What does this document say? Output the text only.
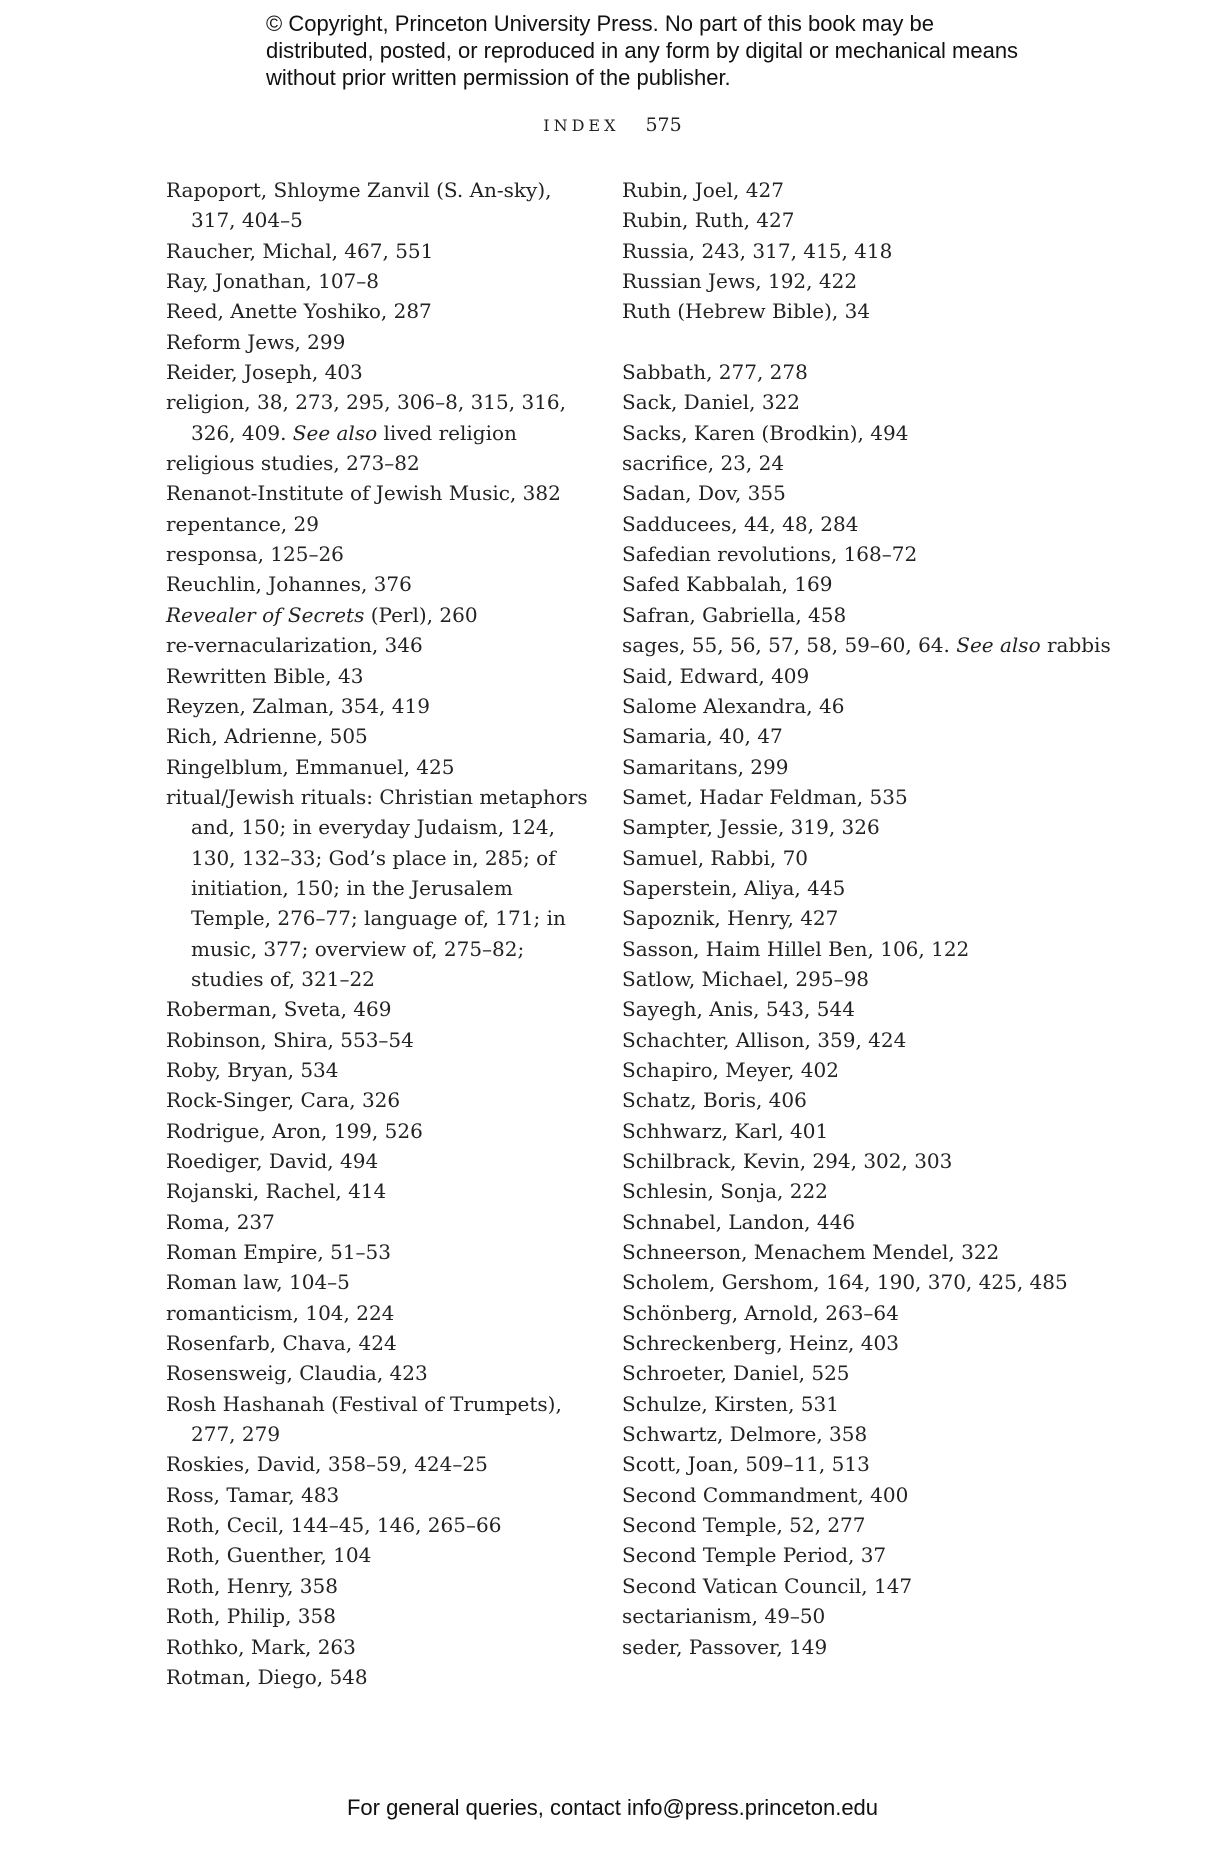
© Copyright, Princeton University Press. No part of this book may be distributed, posted, or reproduced in any form by digital or mechanical means without prior written permission of the publisher.

INDEX 575
Rapoport, Shloyme Zanvil (S. An-sky), 317, 404–5
Raucher, Michal, 467, 551
Ray, Jonathan, 107–8
Reed, Anette Yoshiko, 287
Reform Jews, 299
Reider, Joseph, 403
religion, 38, 273, 295, 306–8, 315, 316, 326, 409. See also lived religion
religious studies, 273–82
Renanot-Institute of Jewish Music, 382
repentance, 29
responsa, 125–26
Reuchlin, Johannes, 376
Revealer of Secrets (Perl), 260
re-vernacularization, 346
Rewritten Bible, 43
Reyzen, Zalman, 354, 419
Rich, Adrienne, 505
Ringelblum, Emmanuel, 425
ritual/Jewish rituals: Christian metaphors and, 150; in everyday Judaism, 124, 130, 132–33; God’s place in, 285; of initiation, 150; in the Jerusalem Temple, 276–77; language of, 171; in music, 377; overview of, 275–82; studies of, 321–22
Roberman, Sveta, 469
Robinson, Shira, 553–54
Roby, Bryan, 534
Rock-Singer, Cara, 326
Rodrigue, Aron, 199, 526
Roediger, David, 494
Rojanski, Rachel, 414
Roma, 237
Roman Empire, 51–53
Roman law, 104–5
romanticism, 104, 224
Rosenfarb, Chava, 424
Rosensweig, Claudia, 423
Rosh Hashanah (Festival of Trumpets), 277, 279
Roskies, David, 358–59, 424–25
Ross, Tamar, 483
Roth, Cecil, 144–45, 146, 265–66
Roth, Guenther, 104
Roth, Henry, 358
Roth, Philip, 358
Rothko, Mark, 263
Rotman, Diego, 548
Rubin, Joel, 427
Rubin, Ruth, 427
Russia, 243, 317, 415, 418
Russian Jews, 192, 422
Ruth (Hebrew Bible), 34
Sabbath, 277, 278
Sack, Daniel, 322
Sacks, Karen (Brodkin), 494
sacrifice, 23, 24
Sadan, Dov, 355
Sadducees, 44, 48, 284
Safedian revolutions, 168–72
Safed Kabbalah, 169
Safran, Gabriella, 458
sages, 55, 56, 57, 58, 59–60, 64. See also rabbis
Said, Edward, 409
Salome Alexandra, 46
Samaria, 40, 47
Samaritans, 299
Samet, Hadar Feldman, 535
Sampter, Jessie, 319, 326
Samuel, Rabbi, 70
Saperstein, Aliya, 445
Sapoznik, Henry, 427
Sasson, Haim Hillel Ben, 106, 122
Satlow, Michael, 295–98
Sayegh, Anis, 543, 544
Schachter, Allison, 359, 424
Schapiro, Meyer, 402
Schatz, Boris, 406
Schhwarz, Karl, 401
Schilbrack, Kevin, 294, 302, 303
Schlesin, Sonja, 222
Schnabel, Landon, 446
Schneerson, Menachem Mendel, 322
Scholem, Gershom, 164, 190, 370, 425, 485
Schönberg, Arnold, 263–64
Schreckenberg, Heinz, 403
Schroeter, Daniel, 525
Schulze, Kirsten, 531
Schwartz, Delmore, 358
Scott, Joan, 509–11, 513
Second Commandment, 400
Second Temple, 52, 277
Second Temple Period, 37
Second Vatican Council, 147
sectarianism, 49–50
seder, Passover, 149
For general queries, contact info@press.princeton.edu
